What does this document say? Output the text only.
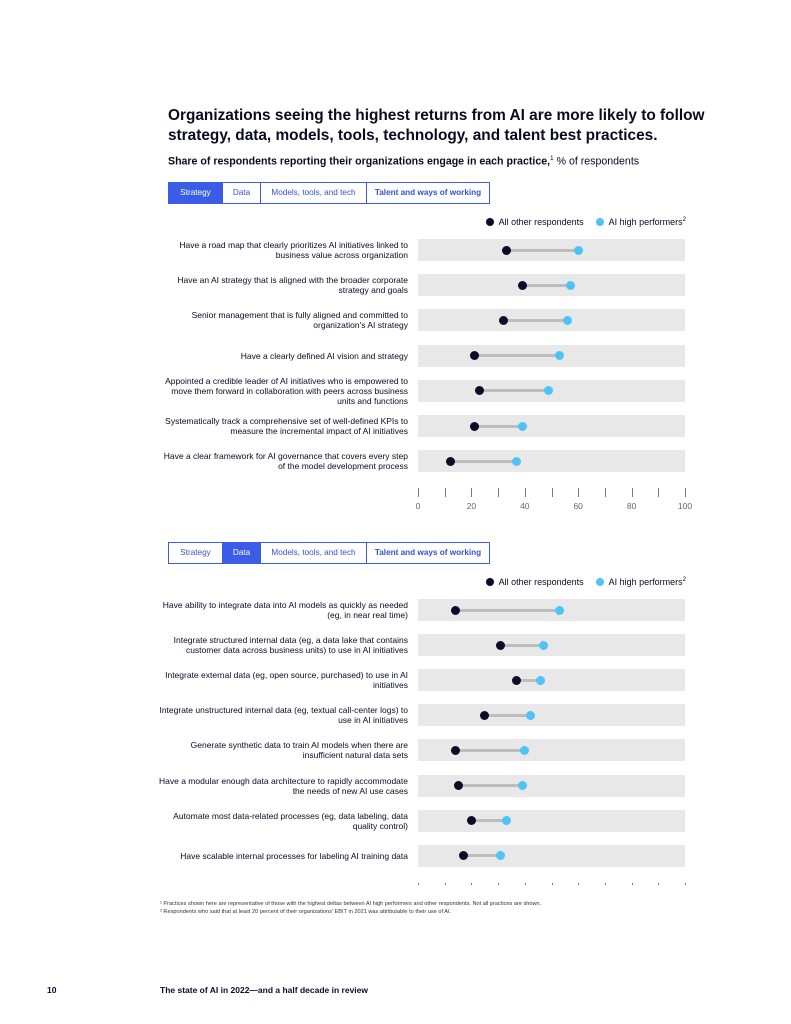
Organizations seeing the highest returns from AI are more likely to follow strategy, data, models, tools, technology, and talent best practices.
Share of respondents reporting their organizations engage in each practice,$^1$ % of respondents
Strategy	Data	Models, tools, and tech	Talent and ways of working
All other respondents	AI high performers$^2$
Have a road map that clearly prioritizes AI initiatives linked to business value across organization
Have an AI strategy that is aligned with the broader corporate strategy and goals
Senior management that is fully aligned and committed to organization's AI strategy
Have a clearly defined AI vision and strategy
Appointed a credible leader of AI initiatives who is empowered to move them forward in collaboration with peers across business units and functions
Systematically track a comprehensive set of well-defined KPIs to measure the incremental impact of AI initiatives
Have a clear framework for AI governance that covers every step of the model development process
0	20	40	60	80	100
Strategy	Data	Models, tools, and tech	Talent and ways of working
All other respondents	AI high performers$^2$
Have ability to integrate data into AI models as quickly as needed (eg, in near real time)
Integrate structured internal data (eg, a data lake that contains customer data across business units) to use in AI initiatives
Integrate external data (eg, open source, purchased) to use in AI initiatives
Integrate unstructured internal data (eg, textual call-center logs) to use in AI initiatives
Generate synthetic data to train AI models when there are insufficient natural data sets
Have a modular enough data architecture to rapidly accommodate the needs of new AI use cases
Automate most data-related processes (eg, data labeling, data quality control)
Have scalable internal processes for labeling AI training data
¹ Practices shown here are representative of those with the highest deltas between AI high performers and other respondents. Not all practices are shown.
² Respondents who said that at least 20 percent of their organizations' EBIT in 2021 was attributable to their use of AI.
10	The state of AI in 2022—and a half decade in review
